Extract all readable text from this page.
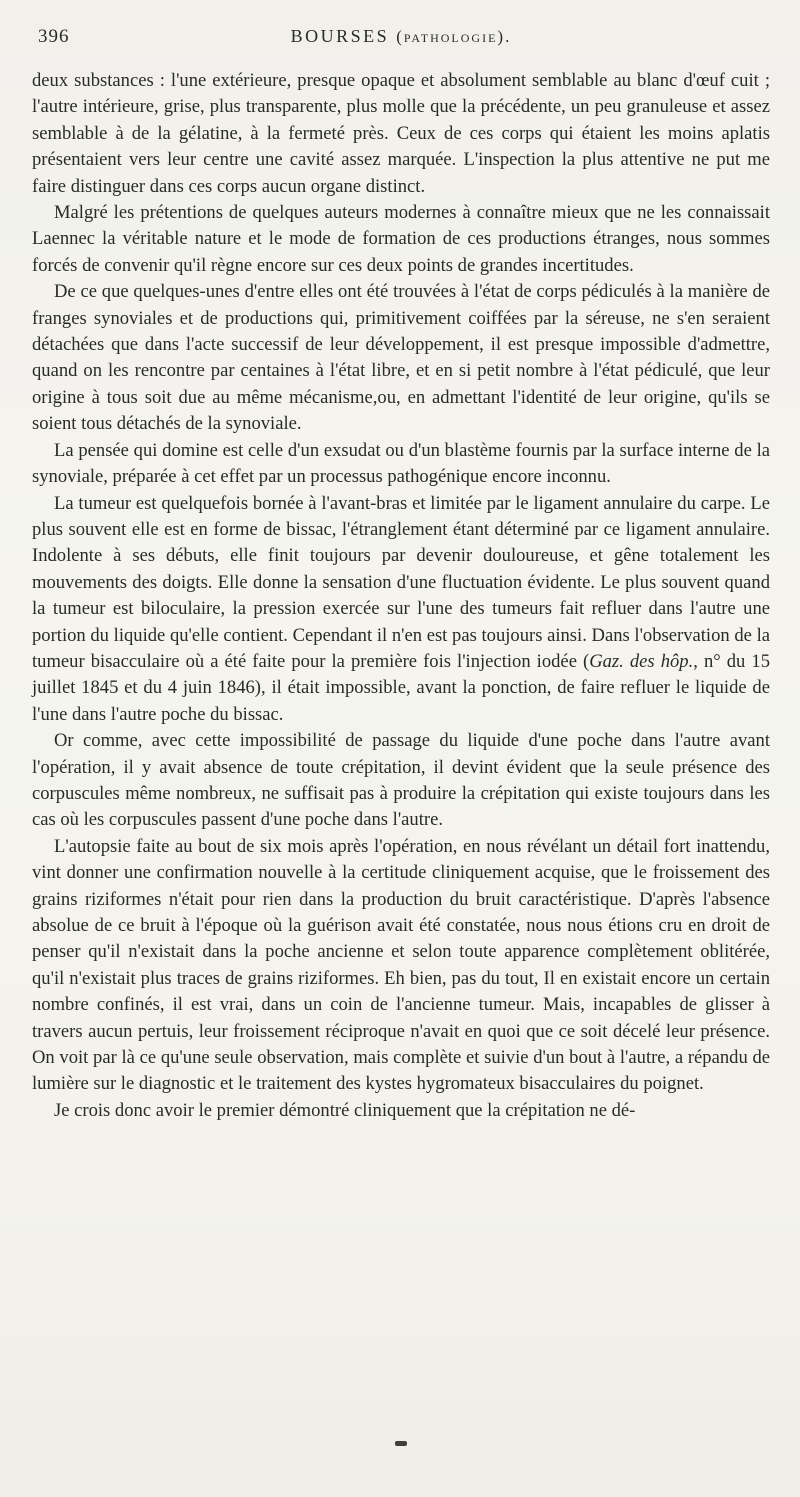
396	BOURSES (pathologie).

deux substances : l'une extérieure, presque opaque et absolument semblable au blanc d'œuf cuit ; l'autre intérieure, grise, plus transparente, plus molle que la précédente, un peu granuleuse et assez semblable à de la gélatine, à la fermeté près. Ceux de ces corps qui étaient les moins aplatis présentaient vers leur centre une cavité assez marquée. L'inspection la plus attentive ne put me faire distinguer dans ces corps aucun organe distinct.

Malgré les prétentions de quelques auteurs modernes à connaître mieux que ne les connaissait Laennec la véritable nature et le mode de formation de ces productions étranges, nous sommes forcés de convenir qu'il règne encore sur ces deux points de grandes incertitudes.

De ce que quelques-unes d'entre elles ont été trouvées à l'état de corps pédiculés à la manière de franges synoviales et de productions qui, primitivement coiffées par la séreuse, ne s'en seraient détachées que dans l'acte successif de leur développement, il est presque impossible d'admettre, quand on les rencontre par centaines à l'état libre, et en si petit nombre à l'état pédiculé, que leur origine à tous soit due au même mécanisme,ou, en admettant l'identité de leur origine, qu'ils se soient tous détachés de la synoviale.

La pensée qui domine est celle d'un exsudat ou d'un blastème fournis par la surface interne de la synoviale, préparée à cet effet par un processus pathogénique encore inconnu.

La tumeur est quelquefois bornée à l'avant-bras et limitée par le ligament annulaire du carpe. Le plus souvent elle est en forme de bissac, l'étranglement étant déterminé par ce ligament annulaire. Indolente à ses débuts, elle finit toujours par devenir douloureuse, et gêne totalement les mouvements des doigts. Elle donne la sensation d'une fluctuation évidente. Le plus souvent quand la tumeur est biloculaire, la pression exercée sur l'une des tumeurs fait refluer dans l'autre une portion du liquide qu'elle contient. Cependant il n'en est pas toujours ainsi. Dans l'observation de la tumeur bisacculaire où a été faite pour la première fois l'injection iodée (Gaz. des hôp., n° du 15 juillet 1845 et du 4 juin 1846), il était impossible, avant la ponction, de faire refluer le liquide de l'une dans l'autre poche du bissac.

Or comme, avec cette impossibilité de passage du liquide d'une poche dans l'autre avant l'opération, il y avait absence de toute crépitation, il devint évident que la seule présence des corpuscules même nombreux, ne suffisait pas à produire la crépitation qui existe toujours dans les cas où les corpuscules passent d'une poche dans l'autre.

L'autopsie faite au bout de six mois après l'opération, en nous révélant un détail fort inattendu, vint donner une confirmation nouvelle à la certitude cliniquement acquise, que le froissement des grains riziformes n'était pour rien dans la production du bruit caractéristique. D'après l'absence absolue de ce bruit à l'époque où la guérison avait été constatée, nous nous étions cru en droit de penser qu'il n'existait dans la poche ancienne et selon toute apparence complètement oblitérée, qu'il n'existait plus traces de grains riziformes. Eh bien, pas du tout, Il en existait encore un certain nombre confinés, il est vrai, dans un coin de l'ancienne tumeur. Mais, incapables de glisser à travers aucun pertuis, leur froissement réciproque n'avait en quoi que ce soit décelé leur présence. On voit par là ce qu'une seule observation, mais complète et suivie d'un bout à l'autre, a répandu de lumière sur le diagnostic et le traitement des kystes hygromateux bisacculaires du poignet.

Je crois donc avoir le premier démontré cliniquement que la crépitation ne dé-
